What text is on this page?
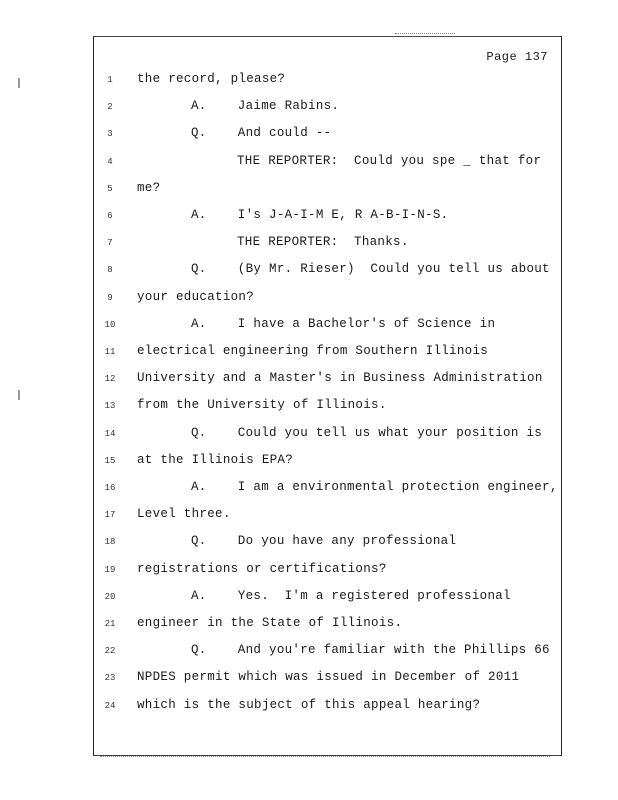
Page 137
1	the record, please?
2	A.    Jaime Rabins.
3	Q.    And could --
4	THE REPORTER:  Could you spe _ that for
5	me?
6	A.    I's J-A-I-M E, R A-B-I-N-S.
7	THE REPORTER:  Thanks.
8	Q.    (By Mr. Rieser)  Could you tell us about
9	your education?
10	A.    I have a Bachelor's of Science in
11	electrical engineering from Southern Illinois
12	University and a Master's in Business Administration
13	from the University of Illinois.
14	Q.    Could you tell us what your position is
15	at the Illinois EPA?
16	A.    I am a environmental protection engineer,
17	Level three.
18	Q.    Do you have any professional
19	registrations or certifications?
20	A.    Yes.  I'm a registered professional
21	engineer in the State of Illinois.
22	Q.    And you're familiar with the Phillips 66
23	NPDES permit which was issued in December of 2011
24	which is the subject of this appeal hearing?
